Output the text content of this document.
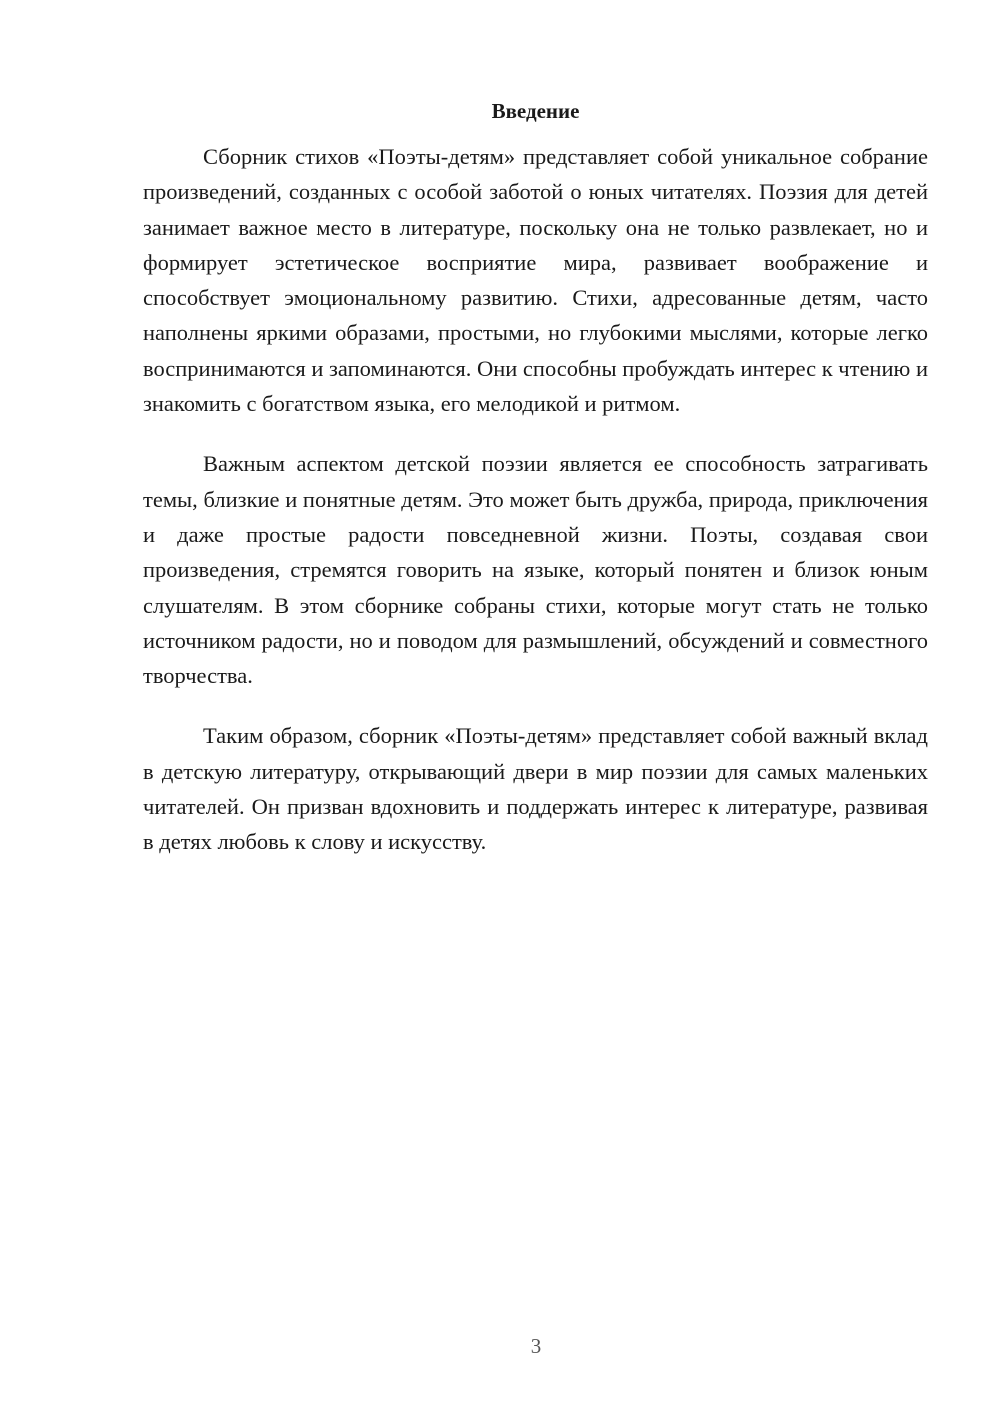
Введение

Сборник стихов «Поэты-детям» представляет собой уникальное собрание произведений, созданных с особой заботой о юных читателях. Поэзия для детей занимает важное место в литературе, поскольку она не только развлекает, но и формирует эстетическое восприятие мира, развивает воображение и способствует эмоциональному развитию. Стихи, адресованные детям, часто наполнены яркими образами, простыми, но глубокими мыслями, которые легко воспринимаются и запоминаются. Они способны пробуждать интерес к чтению и знакомить с богатством языка, его мелодикой и ритмом.

Важным аспектом детской поэзии является ее способность затрагивать темы, близкие и понятные детям. Это может быть дружба, природа, приключения и даже простые радости повседневной жизни. Поэты, создавая свои произведения, стремятся говорить на языке, который понятен и близок юным слушателям. В этом сборнике собраны стихи, которые могут стать не только источником радости, но и поводом для размышлений, обсуждений и совместного творчества.

Таким образом, сборник «Поэты-детям» представляет собой важный вклад в детскую литературу, открывающий двери в мир поэзии для самых маленьких читателей. Он призван вдохновить и поддержать интерес к литературе, развивая в детях любовь к слову и искусству.

3
